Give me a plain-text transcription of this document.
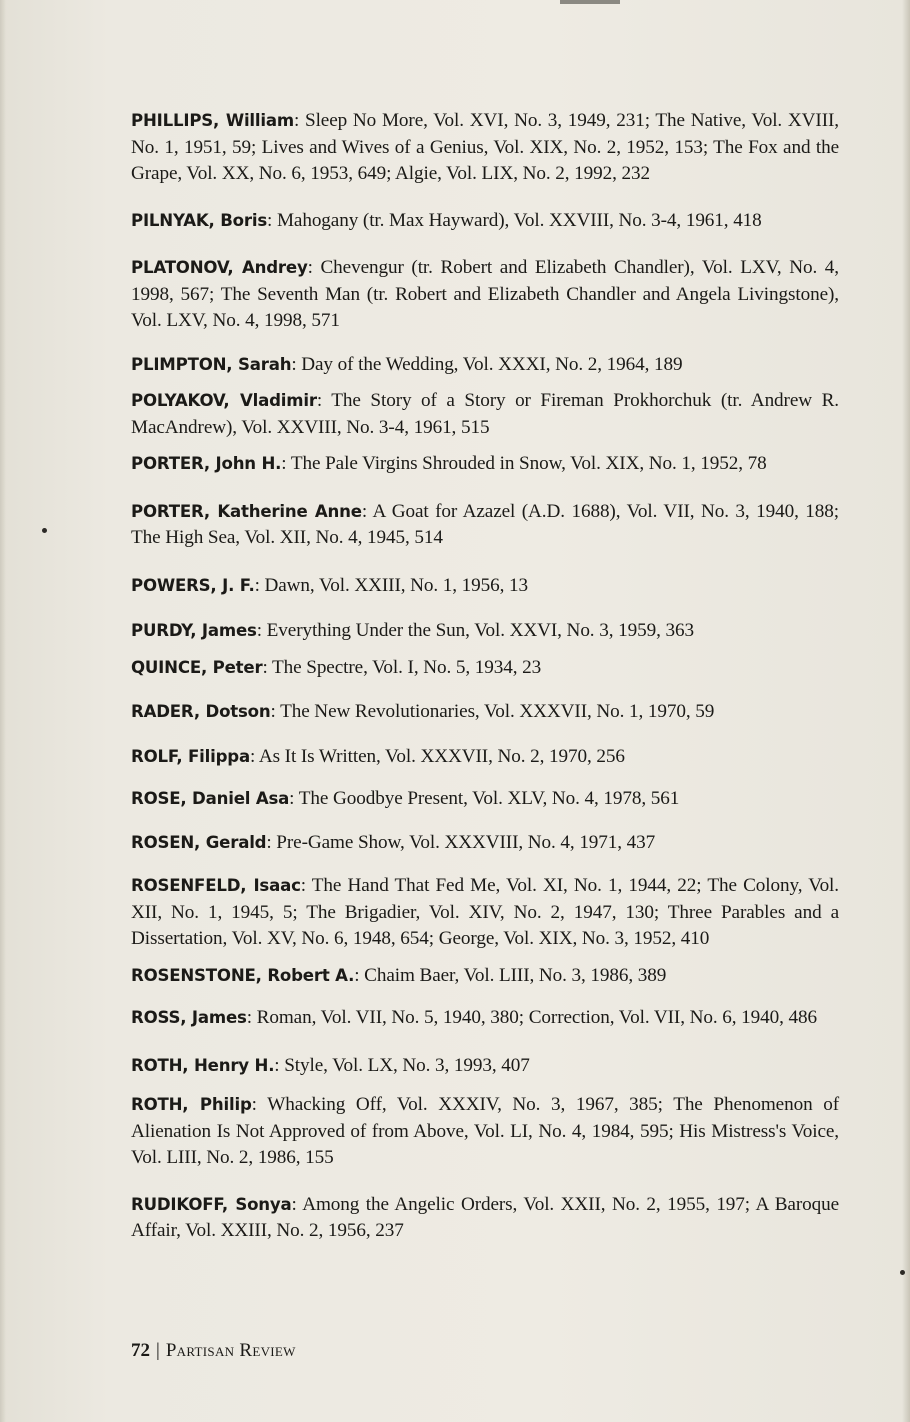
PHILLIPS, William: Sleep No More, Vol. XVI, No. 3, 1949, 231; The Native, Vol. XVIII, No. 1, 1951, 59; Lives and Wives of a Genius, Vol. XIX, No. 2, 1952, 153; The Fox and the Grape, Vol. XX, No. 6, 1953, 649; Algie, Vol. LIX, No. 2, 1992, 232

PILNYAK, Boris: Mahogany (tr. Max Hayward), Vol. XXVIII, No. 3-4, 1961, 418

PLATONOV, Andrey: Chevengur (tr. Robert and Elizabeth Chandler), Vol. LXV, No. 4, 1998, 567; The Seventh Man (tr. Robert and Elizabeth Chandler and Angela Livingstone), Vol. LXV, No. 4, 1998, 571

PLIMPTON, Sarah: Day of the Wedding, Vol. XXXI, No. 2, 1964, 189

POLYAKOV, Vladimir: The Story of a Story or Fireman Prokhorchuk (tr. Andrew R. MacAndrew), Vol. XXVIII, No. 3-4, 1961, 515

PORTER, John H.: The Pale Virgins Shrouded in Snow, Vol. XIX, No. 1, 1952, 78

PORTER, Katherine Anne: A Goat for Azazel (A.D. 1688), Vol. VII, No. 3, 1940, 188; The High Sea, Vol. XII, No. 4, 1945, 514

POWERS, J. F.: Dawn, Vol. XXIII, No. 1, 1956, 13

PURDY, James: Everything Under the Sun, Vol. XXVI, No. 3, 1959, 363

QUINCE, Peter: The Spectre, Vol. I, No. 5, 1934, 23

RADER, Dotson: The New Revolutionaries, Vol. XXXVII, No. 1, 1970, 59

ROLF, Filippa: As It Is Written, Vol. XXXVII, No. 2, 1970, 256

ROSE, Daniel Asa: The Goodbye Present, Vol. XLV, No. 4, 1978, 561

ROSEN, Gerald: Pre-Game Show, Vol. XXXVIII, No. 4, 1971, 437

ROSENFELD, Isaac: The Hand That Fed Me, Vol. XI, No. 1, 1944, 22; The Colony, Vol. XII, No. 1, 1945, 5; The Brigadier, Vol. XIV, No. 2, 1947, 130; Three Parables and a Dissertation, Vol. XV, No. 6, 1948, 654; George, Vol. XIX, No. 3, 1952, 410

ROSENSTONE, Robert A.: Chaim Baer, Vol. LIII, No. 3, 1986, 389

ROSS, James: Roman, Vol. VII, No. 5, 1940, 380; Correction, Vol. VII, No. 6, 1940, 486

ROTH, Henry H.: Style, Vol. LX, No. 3, 1993, 407

ROTH, Philip: Whacking Off, Vol. XXXIV, No. 3, 1967, 385; The Phenomenon of Alienation Is Not Approved of from Above, Vol. LI, No. 4, 1984, 595; His Mistress's Voice, Vol. LIII, No. 2, 1986, 155

RUDIKOFF, Sonya: Among the Angelic Orders, Vol. XXII, No. 2, 1955, 197; A Baroque Affair, Vol. XXIII, No. 2, 1956, 237

72 | Partisan Review
